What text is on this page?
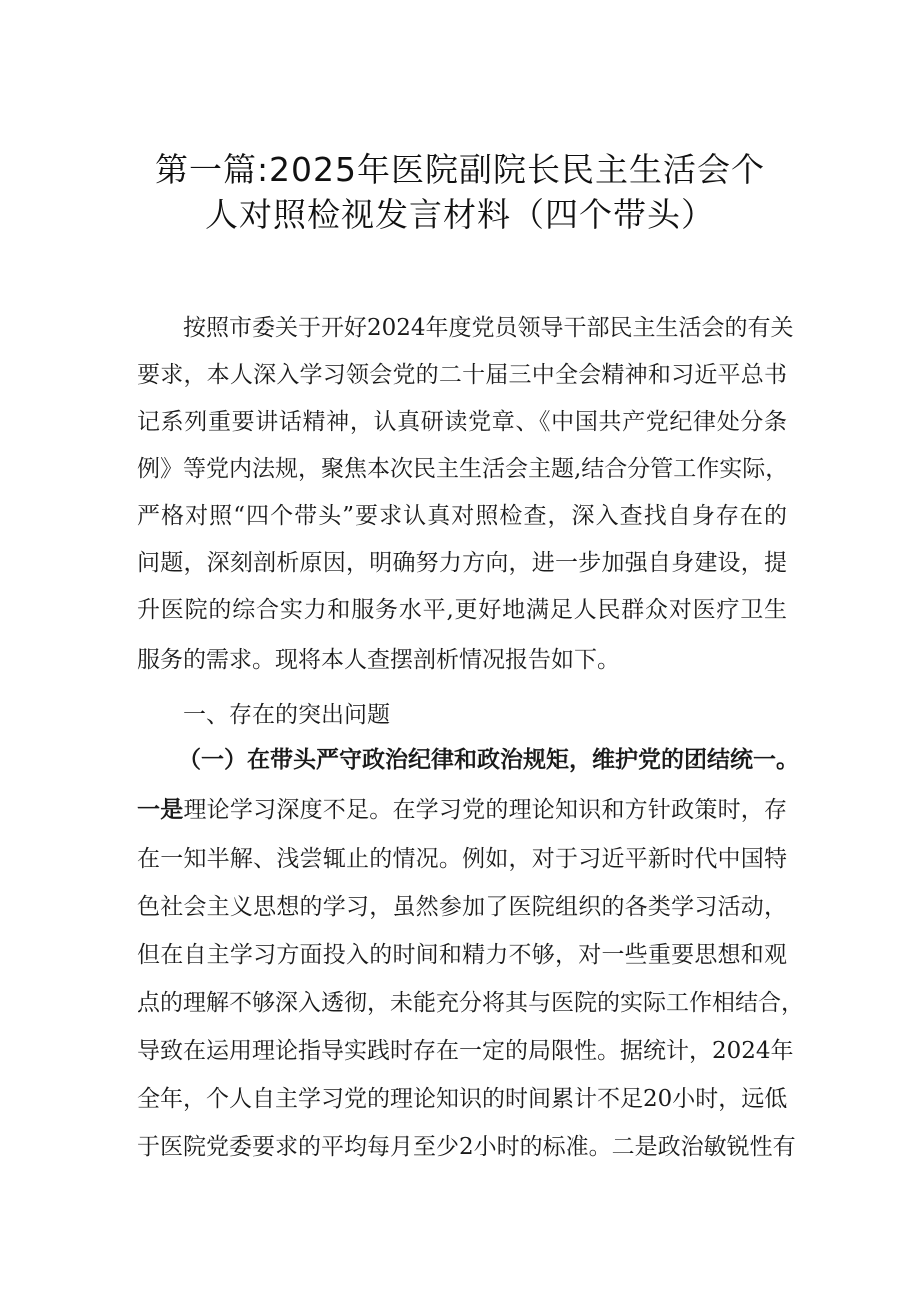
第一篇:2025年医院副院长民主生活会个
人对照检视发言材料（四个带头）
按照市委关于开好2024年度党员领导干部民主生活会的有关
要求，本人深入学习领会党的二十届三中全会精神和习近平总书
记系列重要讲话精神，认真研读党章、《中国共产党纪律处分条
例》等党内法规，聚焦本次民主生活会主题,结合分管工作实际，
严格对照“四个带头”要求认真对照检查，深入查找自身存在的
问题，深刻剖析原因，明确努力方向，进一步加强自身建设，提
升医院的综合实力和服务水平,更好地满足人民群众对医疗卫生
服务的需求。现将本人查摆剖析情况报告如下。
一、存在的突出问题
（一）在带头严守政治纪律和政治规矩，维护党的团结统一。
一是理论学习深度不足。在学习党的理论知识和方针政策时，存
在一知半解、浅尝辄止的情况。例如，对于习近平新时代中国特
色社会主义思想的学习，虽然参加了医院组织的各类学习活动，
但在自主学习方面投入的时间和精力不够，对一些重要思想和观
点的理解不够深入透彻，未能充分将其与医院的实际工作相结合，
导致在运用理论指导实践时存在一定的局限性。据统计，2024年
全年，个人自主学习党的理论知识的时间累计不足20小时，远低
于医院党委要求的平均每月至少2小时的标准。二是政治敏锐性有
